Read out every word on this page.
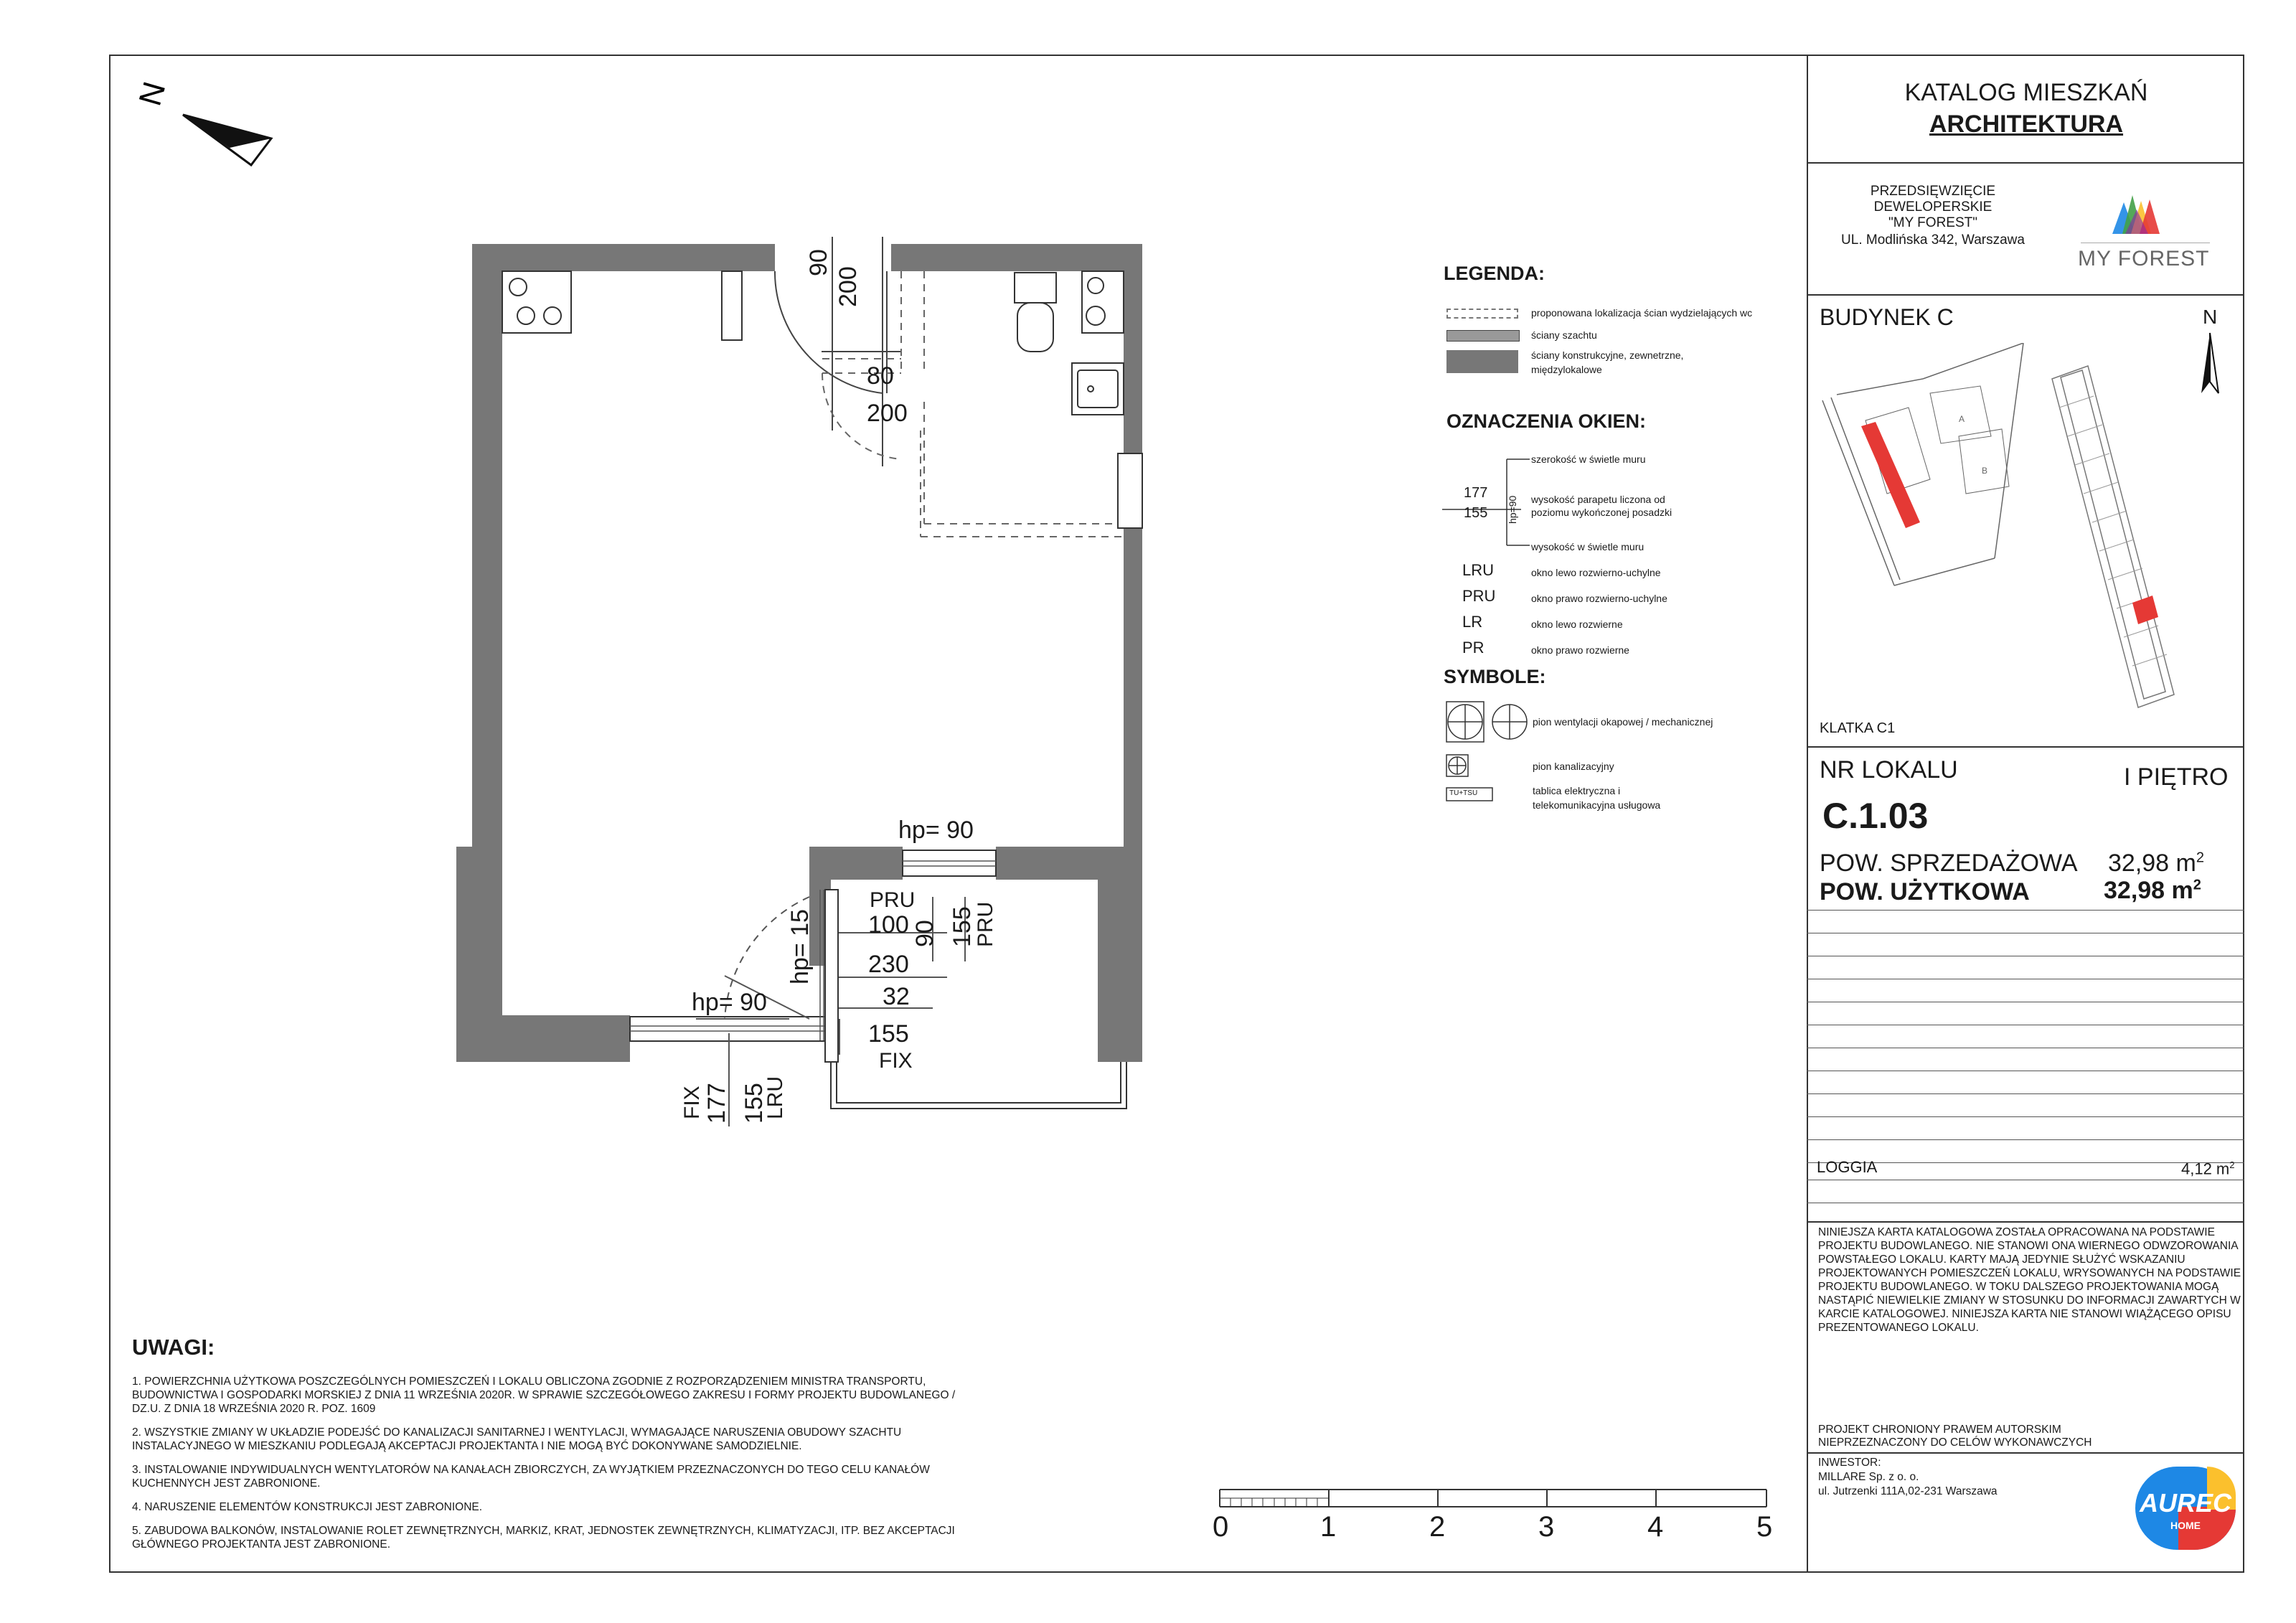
N
90
200
80
200
hp= 90
PRU
100 90 155
PRU
hp= 15 230
32
155
FIX
hp= 90
FIX 177 155
LRU
LEGENDA:
proponowana lokalizacja ścian wydzielających wc
ściany szachtu
ściany konstrukcyjne, zewnetrzne,
międzylokalowe
OZNACZENIA OKIEN:
szerokość w świetle muru
177
155 hp=90 wysokość parapetu liczona od
poziomu wykończonej posadzki
wysokość w świetle muru
LRU	okno lewo rozwierno-uchylne
PRU	okno prawo rozwierno-uchylne
LR	okno lewo rozwierne
PR	okno prawo rozwierne
SYMBOLE:
TU+TSU
pion wentylacji okapowej / mechanicznej
pion kanalizacyjny
tablica elektryczna i
telekomunikacyjna usługowa
UWAGI:

1. POWIERZCHNIA UŻYTKOWA POSZCZEGÓLNYCH POMIESZCZEŃ I LOKALU OBLICZONA ZGODNIE Z ROZPORZĄDZENIEM MINISTRA TRANSPORTU, BUDOWNICTWA I GOSPODARKI MORSKIEJ Z DNIA 11 WRZEŚNIA 2020R. W SPRAWIE SZCZEGÓŁOWEGO ZAKRESU I FORMY PROJEKTU BUDOWLANEGO / DZ.U. Z DNIA 18 WRZEŚNIA 2020 R. POZ. 1609

2. WSZYSTKIE ZMIANY W UKŁADZIE PODEJŚĆ DO KANALIZACJI SANITARNEJ I WENTYLACJI, WYMAGAJĄCE NARUSZENIA OBUDOWY SZACHTU INSTALACYJNEGO W MIESZKANIU PODLEGAJĄ AKCEPTACJI PROJEKTANTA I NIE MOGĄ BYĆ DOKONYWANE SAMODZIELNIE.

3. INSTALOWANIE INDYWIDUALNYCH WENTYLATORÓW NA KANAŁACH ZBIORCZYCH, ZA WYJĄTKIEM PRZEZNACZONYCH DO TEGO CELU KANAŁÓW KUCHENNYCH JEST ZABRONIONE.

4. NARUSZENIE ELEMENTÓW KONSTRUKCJI JEST ZABRONIONE.

5. ZABUDOWA BALKONÓW, INSTALOWANIE ROLET ZEWNĘTRZNYCH, MARKIZ, KRAT, JEDNOSTEK ZEWNĘTRZNYCH, KLIMATYZACJI, ITP. BEZ AKCEPTACJI GŁÓWNEGO PROJEKTANTA JEST ZABRONIONE.

0	1	2	3	4	5
KATALOG MIESZKAŃ
ARCHITEKTURA
PRZEDSIĘWZIĘCIE
DEWELOPERSKIE
"MY FOREST"
UL. Modlińska 342, Warszawa
MY FOREST
BUDYNEK C	N
A
B
KLATKA C1
NR LOKALU	I PIĘTRO
C.1.03
POW. SPRZEDAŻOWA 32,98 $m^2$
POW. UŻYTKOWA	32,98 $m^2$
LOGGIA	4,12 $m^2$
NINIEJSZA KARTA KATALOGOWA ZOSTAŁA OPRACOWANA NA PODSTAWIE PROJEKTU BUDOWLANEGO. NIE STANOWI ONA WIERNEGO ODWZOROWANIA POWSTAŁEGO LOKALU. KARTY MAJĄ JEDYNIE SŁUŻYĆ WSKAZANIU PROJEKTOWANYCH POMIESZCZEŃ LOKALU, WRYSOWANYCH NA PODSTAWIE PROJEKTU BUDOWLANEGO. W TOKU DALSZEGO PROJEKTOWANIA MOGĄ NASTĄPIĆ NIEWIELKIE ZMIANY W STOSUNKU DO INFORMACJI ZAWARTYCH W KARCIE KATALOGOWEJ. NINIEJSZA KARTA NIE STANOWI WIĄŻĄCEGO OPISU PREZENTOWANEGO LOKALU.
PROJEKT CHRONIONY PRAWEM AUTORSKIM
NIEPRZEZNACZONY DO CELÓW WYKONAWCZYCH
INWESTOR:
MILLARE Sp. z o. o.
ul. Jutrzenki 111A,02-231 Warszawa	AUREC
HOME
